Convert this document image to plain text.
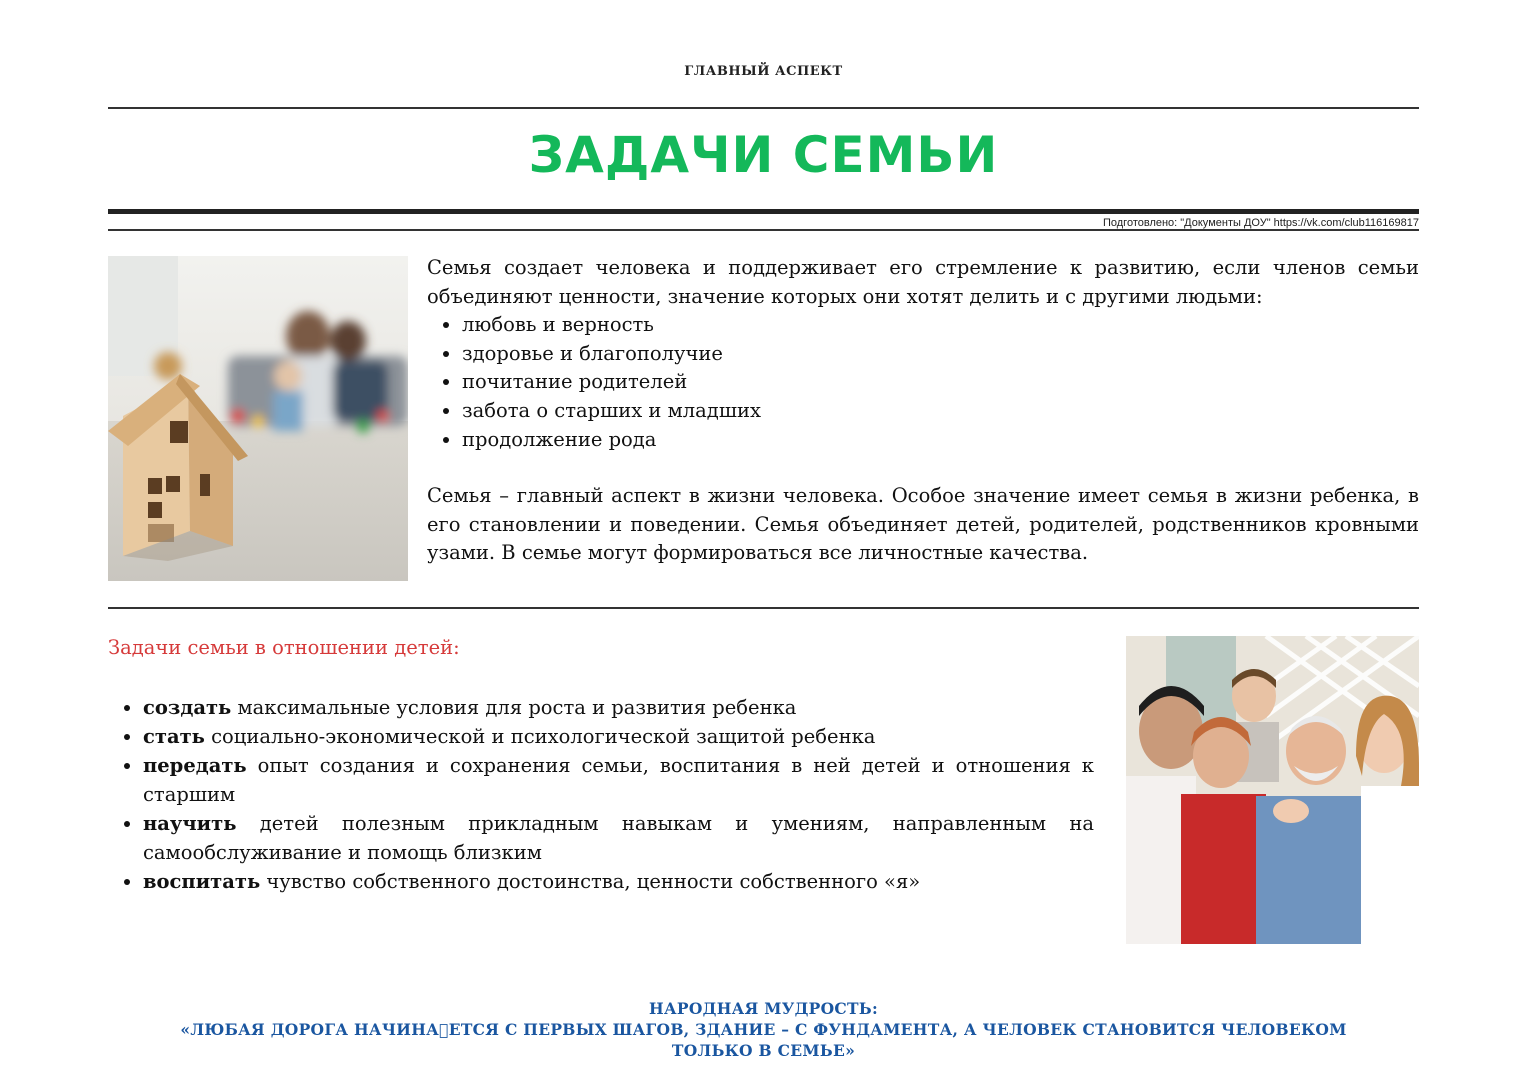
ГЛАВНЫЙ АСПЕКТ
ЗАДАЧИ СЕМЬИ
Подготовлено: "Документы ДОУ" https://vk.com/club116169817

Семья создает человека и поддерживает его стремление к развитию, если членов семьи объединяют ценности, значение которых они хотят делить и с другими людьми:

• любовь и верность
• здоровье и благополучие
• почитание родителей
• забота о старших и младших
• продолжение рода

Семья – главный аспект в жизни человека. Особое значение имеет семья в жизни ребенка, в его становлении и поведении. Семья объединяет детей, родителей, родственников кровными узами. В семье могут формироваться все личностные качества.

Задачи семьи в отношении детей:
• создать максимальные условия для роста и развития ребенка
• стать социально-экономической и психологической защитой ребенка
• передать опыт создания и сохранения семьи, воспитания в ней детей и отношения к старшим
• научить детей полезным прикладным навыкам и умениям, направленным на самообслуживание и помощь близким
• воспитать чувство собственного достоинства, ценности собственного «я»
НАРОДНАЯ МУДРОСТЬ:
«ЛЮБАЯ ДОРОГА НАЧИНА ЕТСЯ С ПЕРВЫХ ШАГОВ, ЗДАНИЕ – С ФУНДАМЕНТА, А ЧЕЛОВЕК СТАНОВИТСЯ ЧЕЛОВЕКОМ
ТОЛЬКО В СЕМЬЕ»
